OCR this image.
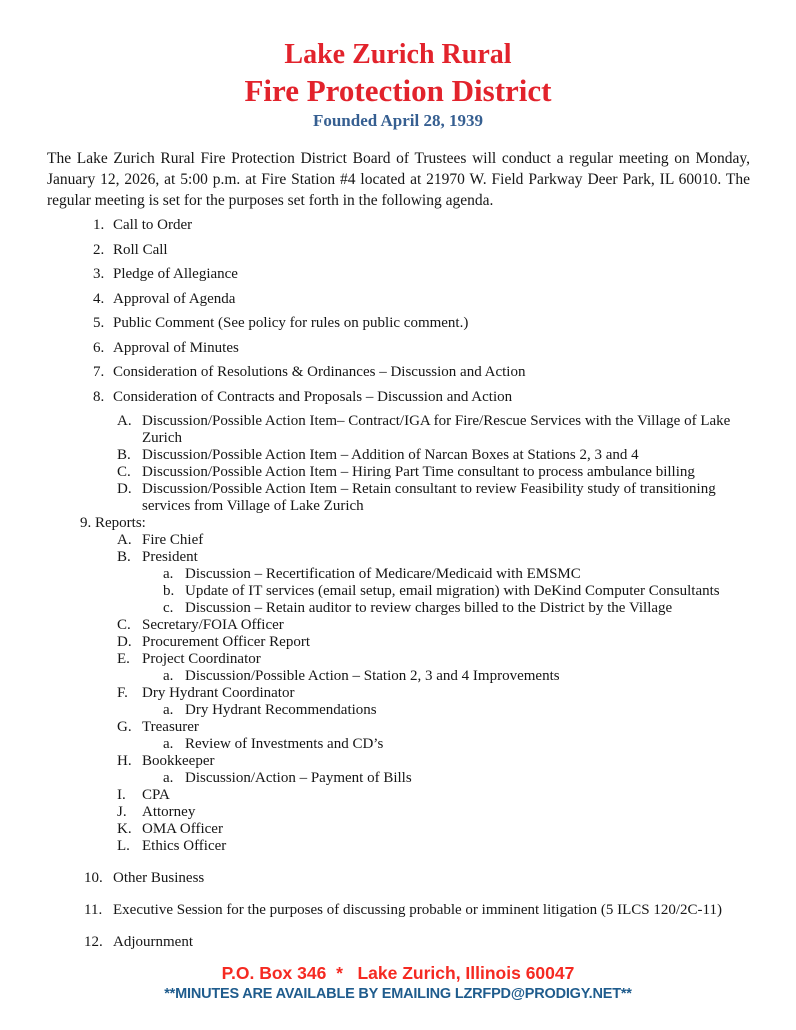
Lake Zurich Rural
Fire Protection District
Founded April 28, 1939

The Lake Zurich Rural Fire Protection District Board of Trustees will conduct a regular meeting on Monday, January 12, 2026, at 5:00 p.m. at Fire Station #4 located at 21970 W. Field Parkway Deer Park, IL 60010. The regular meeting is set for the purposes set forth in the following agenda.

1. Call to Order
2. Roll Call
3. Pledge of Allegiance
4. Approval of Agenda
5. Public Comment (See policy for rules on public comment.)
6. Approval of Minutes
7. Consideration of Resolutions & Ordinances – Discussion and Action
8. Consideration of Contracts and Proposals – Discussion and Action
A. Discussion/Possible Action Item– Contract/IGA for Fire/Rescue Services with the Village of Lake Zurich
B. Discussion/Possible Action Item – Addition of Narcan Boxes at Stations 2, 3 and 4
C. Discussion/Possible Action Item – Hiring Part Time consultant to process ambulance billing
D. Discussion/Possible Action Item – Retain consultant to review Feasibility study of transitioning services from Village of Lake Zurich
9. Reports:
A. Fire Chief
B. President
a. Discussion – Recertification of Medicare/Medicaid with EMSMC
b. Update of IT services (email setup, email migration) with DeKind Computer Consultants
c. Discussion – Retain auditor to review charges billed to the District by the Village
C. Secretary/FOIA Officer
D. Procurement Officer Report
E. Project Coordinator
a. Discussion/Possible Action – Station 2, 3 and 4 Improvements
F. Dry Hydrant Coordinator
a. Dry Hydrant Recommendations
G. Treasurer
a. Review of Investments and CD’s
H. Bookkeeper
a. Discussion/Action – Payment of Bills
I.	CPA
J.	Attorney
K. OMA Officer
L. Ethics Officer
10. Other Business
11. Executive Session for the purposes of discussing probable or imminent litigation (5 ILCS 120/2C-11)
12. Adjournment
P.O. Box 346  *   Lake Zurich, Illinois 60047
**MINUTES ARE AVAILABLE BY EMAILING LZRFPD@PRODIGY.NET**
